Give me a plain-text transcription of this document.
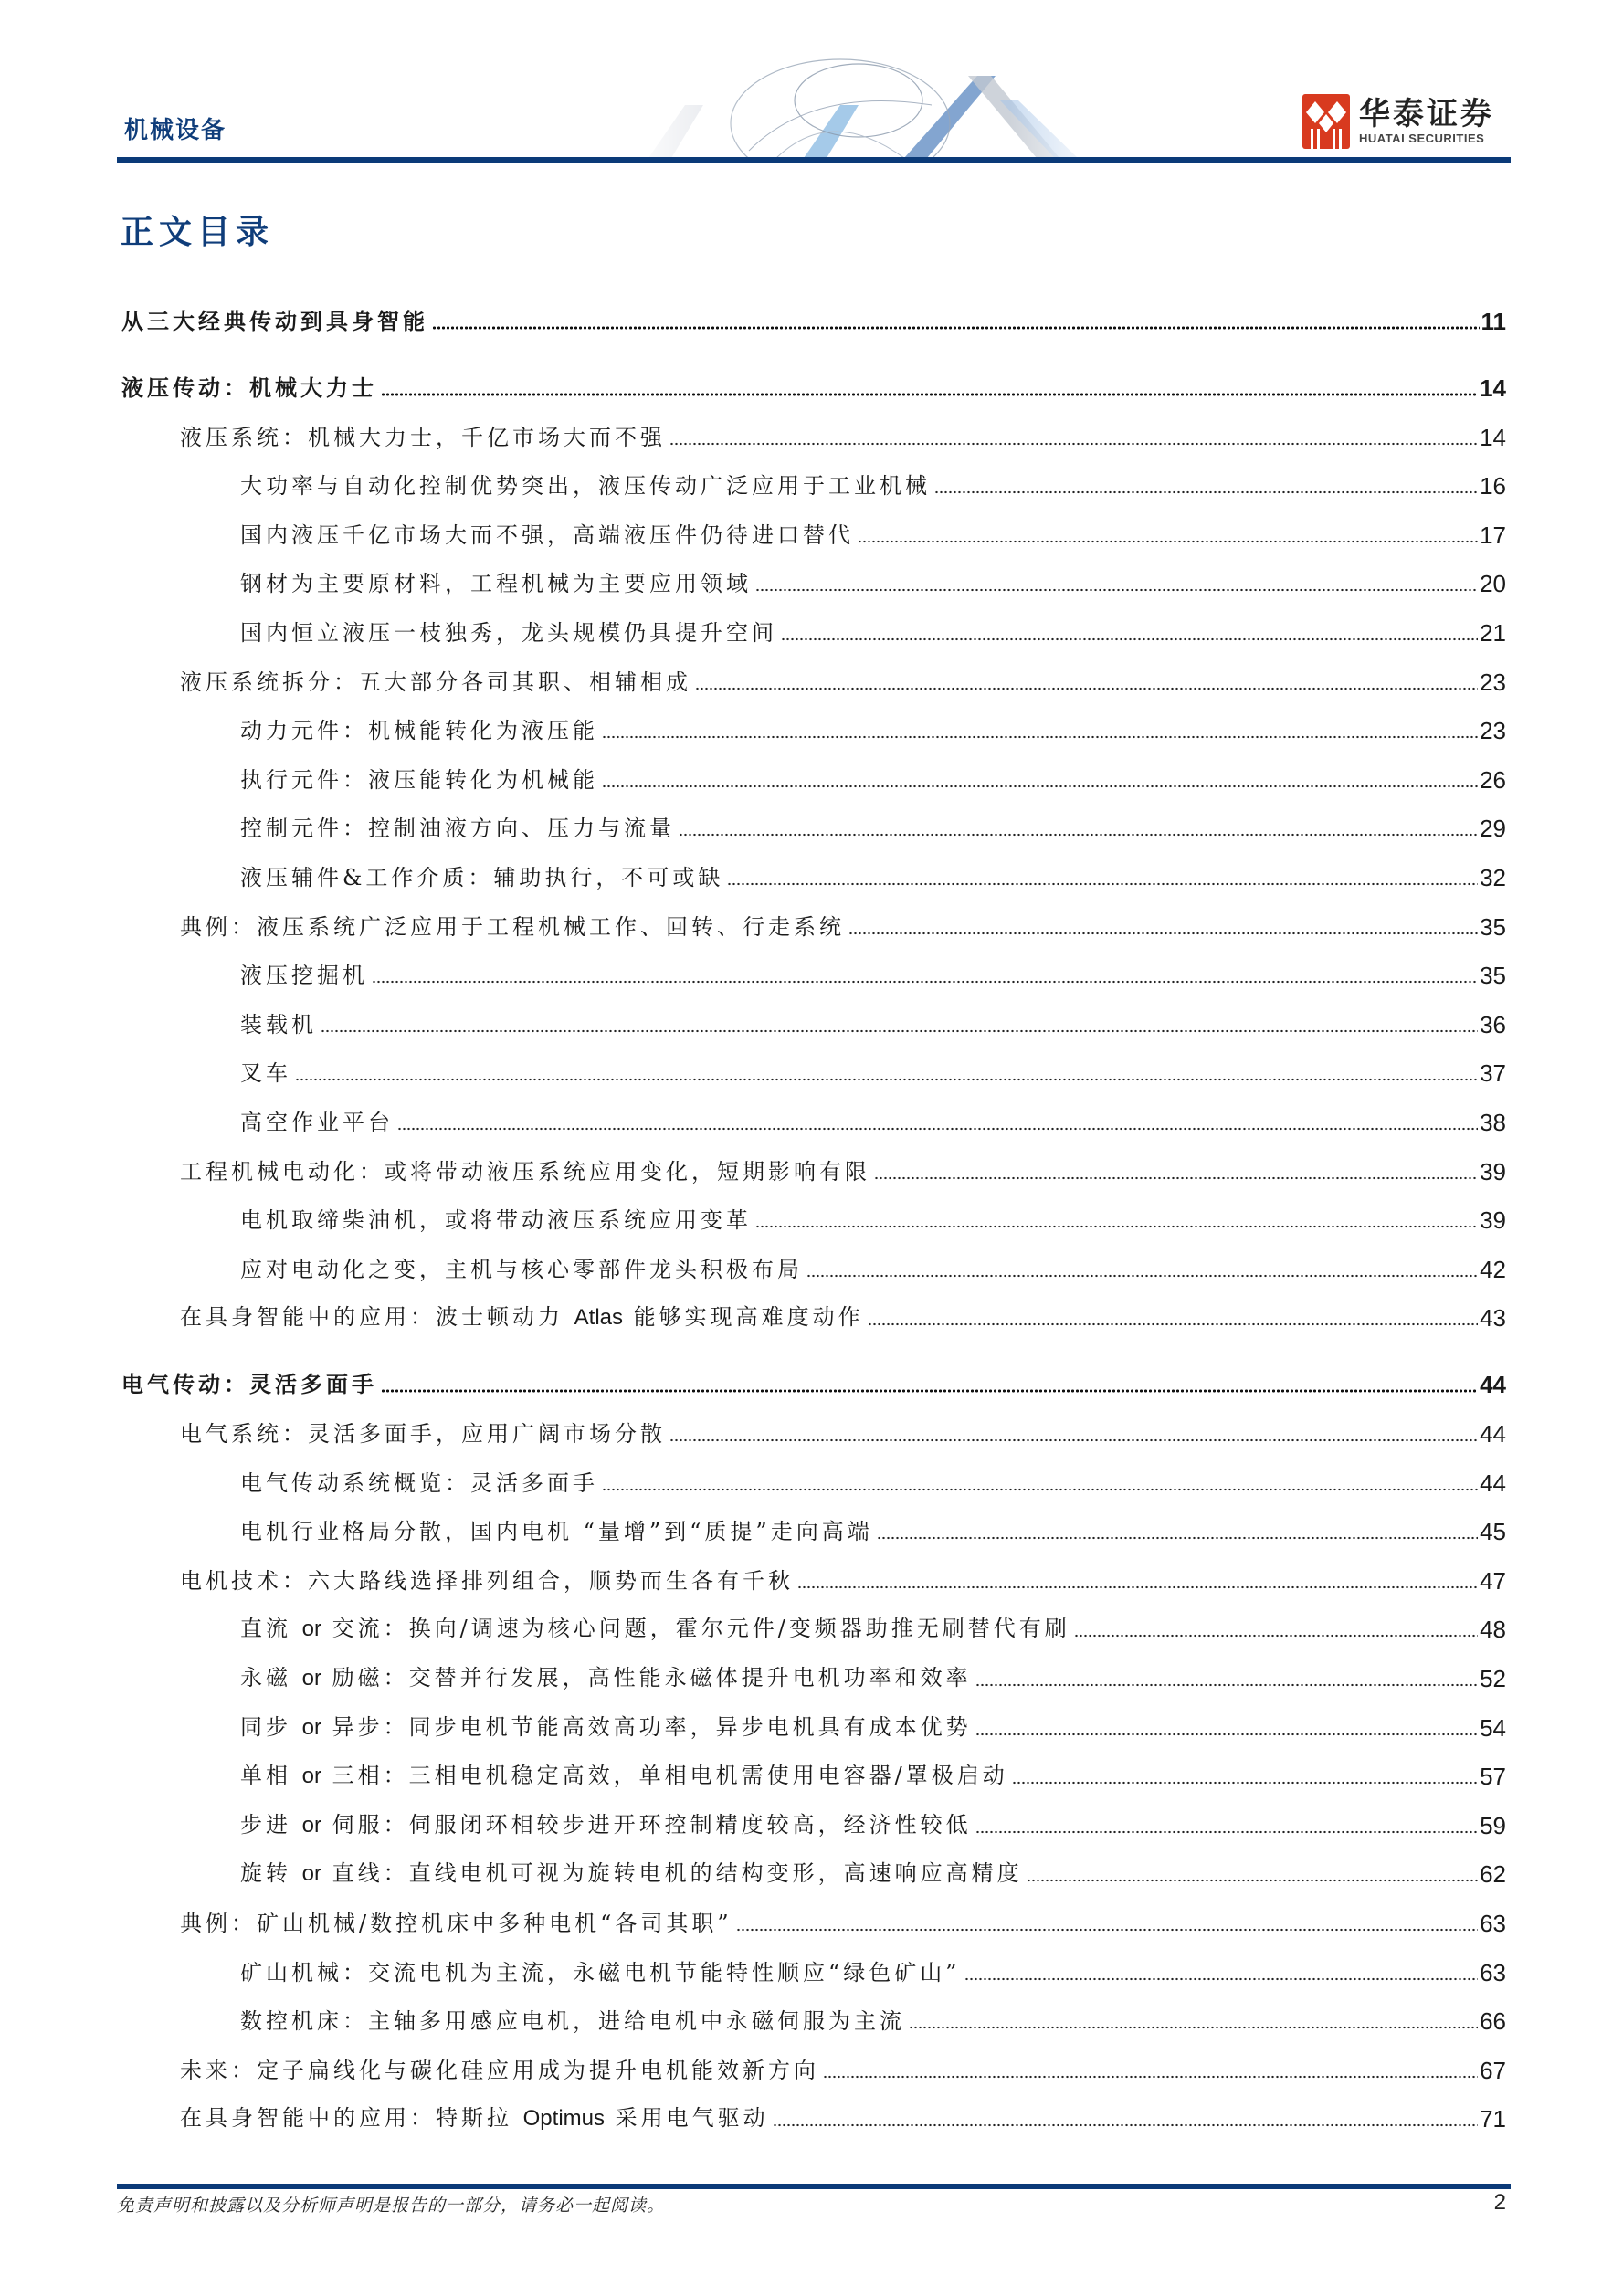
机械设备	华泰证券
HUATAI SECURITIES
正文目录
从三大经典传动到具身智能	11
液压传动：机械大力士	14
液压系统：机械大力士，千亿市场大而不强	14
大功率与自动化控制优势突出，液压传动广泛应用于工业机械	16
国内液压千亿市场大而不强，高端液压件仍待进口替代	17
钢材为主要原材料，工程机械为主要应用领域	20
国内恒立液压一枝独秀，龙头规模仍具提升空间	21
液压系统拆分：五大部分各司其职、相辅相成	23
动力元件：机械能转化为液压能	23
执行元件：液压能转化为机械能	26
控制元件：控制油液方向、压力与流量	29
液压辅件&工作介质：辅助执行，不可或缺	32
典例：液压系统广泛应用于工程机械工作、回转、行走系统	35
液压挖掘机	35
装载机	36
叉车	37
高空作业平台	38
工程机械电动化：或将带动液压系统应用变化，短期影响有限	39
电机取缔柴油机，或将带动液压系统应用变革	39
应对电动化之变，主机与核心零部件龙头积极布局	42
在具身智能中的应用：波士顿动力 Atlas 能够实现高难度动作	43
电气传动：灵活多面手	44
电气系统：灵活多面手，应用广阔市场分散	44
电气传动系统概览：灵活多面手	44
电机行业格局分散，国内电机 “量增”到“质提”走向高端	45
电机技术：六大路线选择排列组合，顺势而生各有千秋	47
直流 or 交流：换向/调速为核心问题，霍尔元件/变频器助推无刷替代有刷	48
永磁 or 励磁：交替并行发展，高性能永磁体提升电机功率和效率	52
同步 or 异步：同步电机节能高效高功率，异步电机具有成本优势	54
单相 or 三相：三相电机稳定高效，单相电机需使用电容器/罩极启动	57
步进 or 伺服：伺服闭环相较步进开环控制精度较高，经济性较低	59
旋转 or 直线：直线电机可视为旋转电机的结构变形，高速响应高精度	62
典例：矿山机械/数控机床中多种电机“各司其职”	63
矿山机械：交流电机为主流，永磁电机节能特性顺应“绿色矿山”	63
数控机床：主轴多用感应电机，进给电机中永磁伺服为主流	66
未来：定子扁线化与碳化硅应用成为提升电机能效新方向	67
在具身智能中的应用：特斯拉 Optimus 采用电气驱动	71
免责声明和披露以及分析师声明是报告的一部分，请务必一起阅读。	2
